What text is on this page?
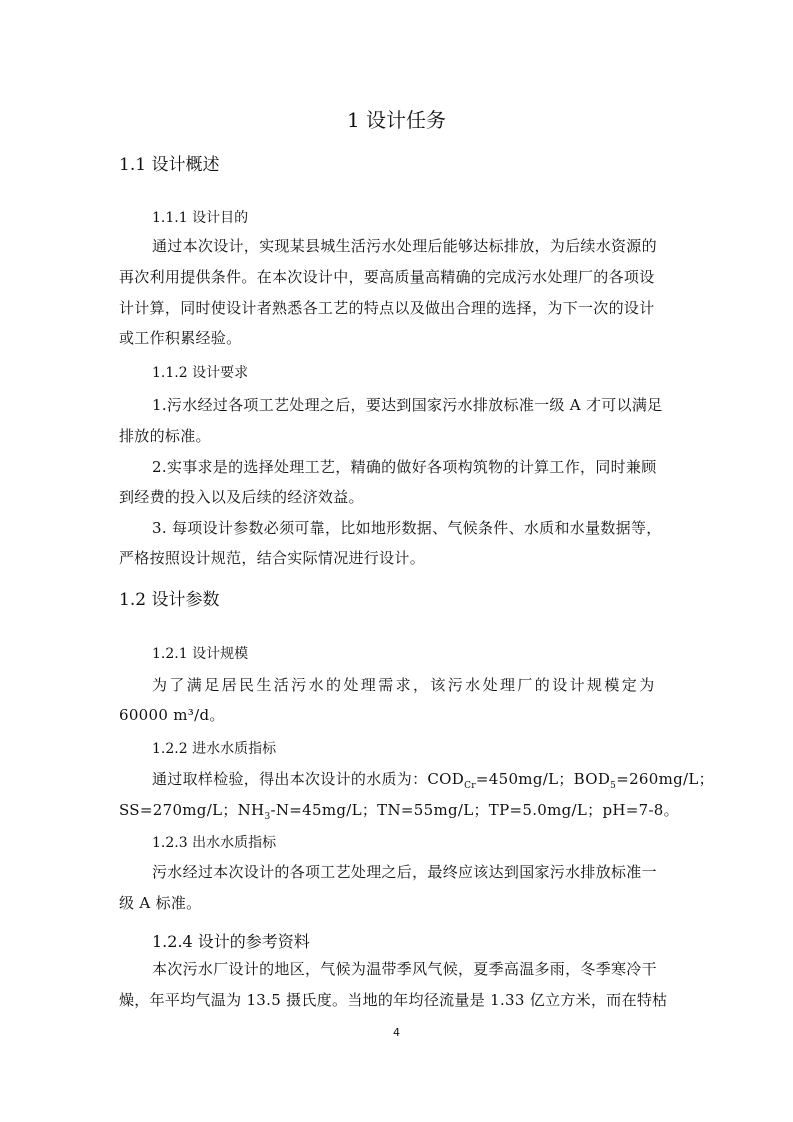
1 设计任务
1.1 设计概述
1.1.1 设计目的
通过本次设计，实现某县城生活污水处理后能够达标排放，为后续水资源的
再次利用提供条件。在本次设计中，要高质量高精确的完成污水处理厂的各项设
计计算，同时使设计者熟悉各工艺的特点以及做出合理的选择，为下一次的设计
或工作积累经验。
1.1.2 设计要求
1.污水经过各项工艺处理之后，要达到国家污水排放标准一级 A 才可以满足
排放的标准。
2.实事求是的选择处理工艺，精确的做好各项构筑物的计算工作，同时兼顾
到经费的投入以及后续的经济效益。
3. 每项设计参数必须可靠，比如地形数据、气候条件、水质和水量数据等，
严格按照设计规范，结合实际情况进行设计。
1.2 设计参数
1.2.1 设计规模
为了满足居民生活污水的处理需求，该污水处理厂的设计规模定为
60000 m³/d。
1.2.2 进水水质指标
通过取样检验，得出本次设计的水质为：$COD_{Cr}=450mg/L$；$BOD_5=260mg/L$；
SS=270mg/L；$NH_3-N=45mg/L$；TN=55mg/L；TP=5.0mg/L；pH=7-8。
1.2.3 出水水质指标
污水经过本次设计的各项工艺处理之后，最终应该达到国家污水排放标准一
级 A 标准。
1.2.4 设计的参考资料
本次污水厂设计的地区，气候为温带季风气候，夏季高温多雨，冬季寒冷干
燥，年平均气温为 13.5 摄氏度。当地的年均径流量是 1.33 亿立方米，而在特枯
4
